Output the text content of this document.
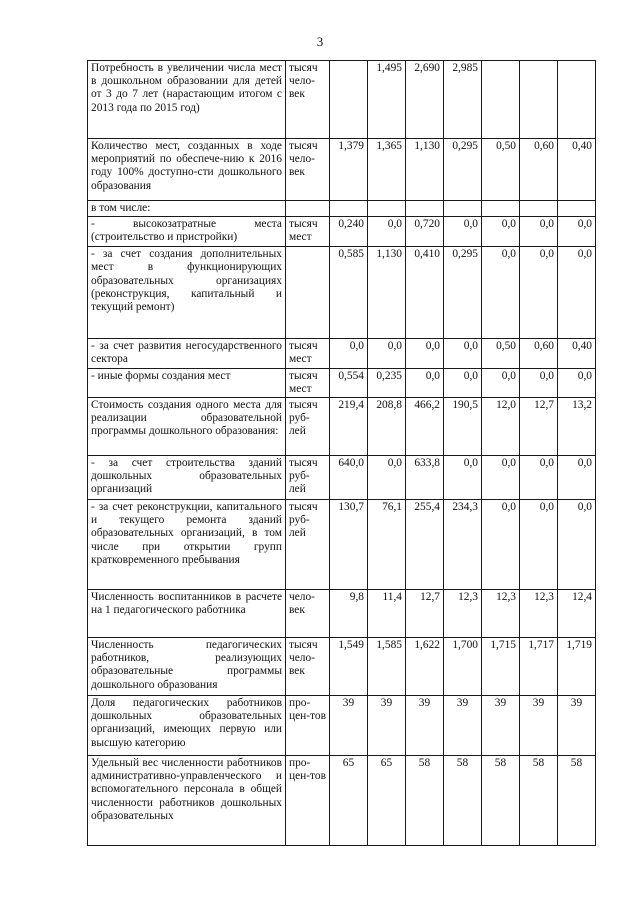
3
Потребность в увеличении числа мест в дошкольном образовании для детей от 3 до 7 лет (нарастающим итогом с 2013 года по 2015 год)	тысяч чело-век		1,495	2,690	2,985			
Количество мест, созданных в ходе мероприятий по обеспече-нию к 2016 году 100% доступно-сти дошкольного образования	тысяч чело-век	1,379	1,365	1,130	0,295	0,50	0,60	0,40
в том числе:								
- высокозатратные места (строительство и пристройки)	тысяч мест	0,240	0,0	0,720	0,0	0,0	0,0	0,0
- за счет создания дополнительных мест в функционирующих образовательных организациях (реконструкция, капитальный и текущий ремонт)		0,585	1,130	0,410	0,295	0,0	0,0	0,0
- за счет развития негосударственного сектора	тысяч мест	0,0	0,0	0,0	0,0	0,50	0,60	0,40
- иные формы создания мест	тысяч мест	0,554	0,235	0,0	0,0	0,0	0,0	0,0
Стоимость создания одного места для реализации образовательной программы дошкольного образования:	тысяч руб-лей	219,4	208,8	466,2	190,5	12,0	12,7	13,2
- за счет строительства зданий дошкольных образовательных организаций	тысяч руб-лей	640,0	0,0	633,8	0,0	0,0	0,0	0,0
- за счет реконструкции, капитального и текущего ремонта зданий образовательных организаций, в том числе при открытии групп кратковременного пребывания	тысяч руб-лей	130,7	76,1	255,4	234,3	0,0	0,0	0,0
Численность воспитанников в расчете на 1 педагогического работника	чело-век	9,8	11,4	12,7	12,3	12,3	12,3	12,4
Численность педагогических работников, реализующих образовательные программы дошкольного образования	тысяч чело-век	1,549	1,585	1,622	1,700	1,715	1,717	1,719
Доля педагогических работников дошкольных образовательных организаций, имеющих первую или высшую категорию	про-цен-тов	39	39	39	39	39	39	39
Удельный вес численности работников административно-управленческого и вспомогательного персонала в общей численности работников дошкольных образовательных	про-цен-тов	65	65	58	58	58	58	58
